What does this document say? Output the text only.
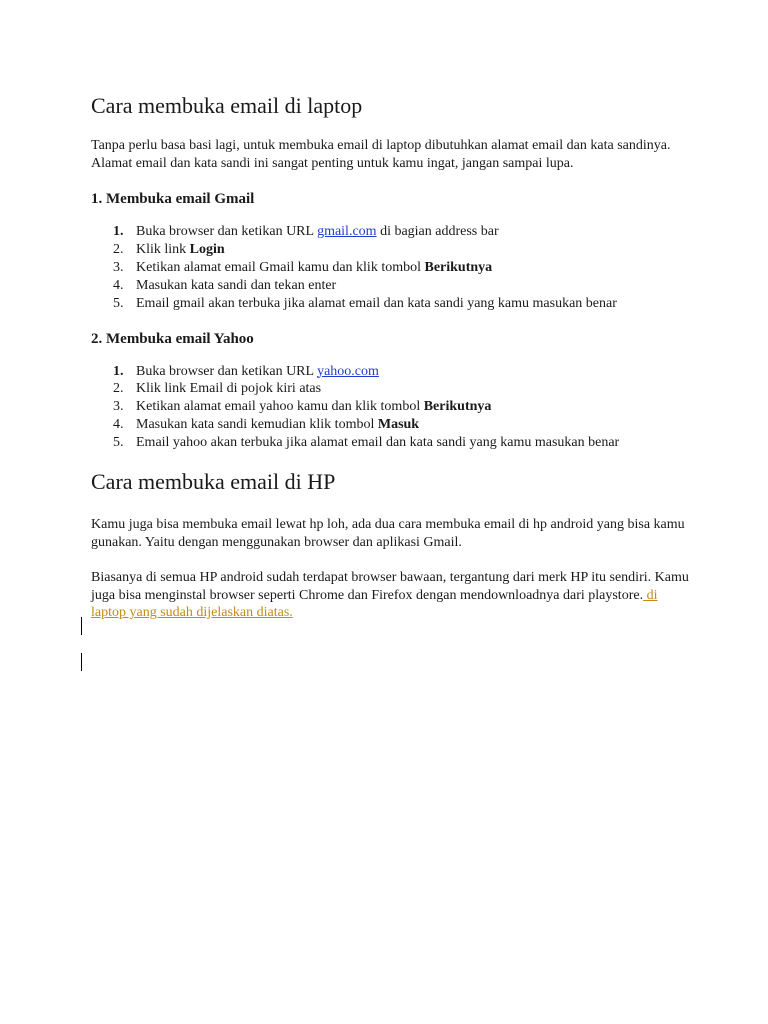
Cara membuka email di laptop

Tanpa perlu basa basi lagi, untuk membuka email di laptop dibutuhkan alamat email dan kata sandinya. Alamat email dan kata sandi ini sangat penting untuk kamu ingat, jangan sampai lupa.

1. Membuka email Gmail
1. Buka browser dan ketikan URL gmail.com di bagian address bar
2. Klik link Login
3. Ketikan alamat email Gmail kamu dan klik tombol Berikutnya
4. Masukan kata sandi dan tekan enter
5. Email gmail akan terbuka jika alamat email dan kata sandi yang kamu masukan benar
2. Membuka email Yahoo
1. Buka browser dan ketikan URL yahoo.com
2. Klik link Email di pojok kiri atas
3. Ketikan alamat email yahoo kamu dan klik tombol Berikutnya
4. Masukan kata sandi kemudian klik tombol Masuk
5. Email yahoo akan terbuka jika alamat email dan kata sandi yang kamu masukan benar
Cara membuka email di HP

Kamu juga bisa membuka email lewat hp loh, ada dua cara membuka email di hp android yang bisa kamu gunakan. Yaitu dengan menggunakan browser dan aplikasi Gmail.

Biasanya di semua HP android sudah terdapat browser bawaan, tergantung dari merk HP itu sendiri. Kamu juga bisa menginstal browser seperti Chrome dan Firefox dengan mendownloadnya dari playstore. di laptop yang sudah dijelaskan diatas.
